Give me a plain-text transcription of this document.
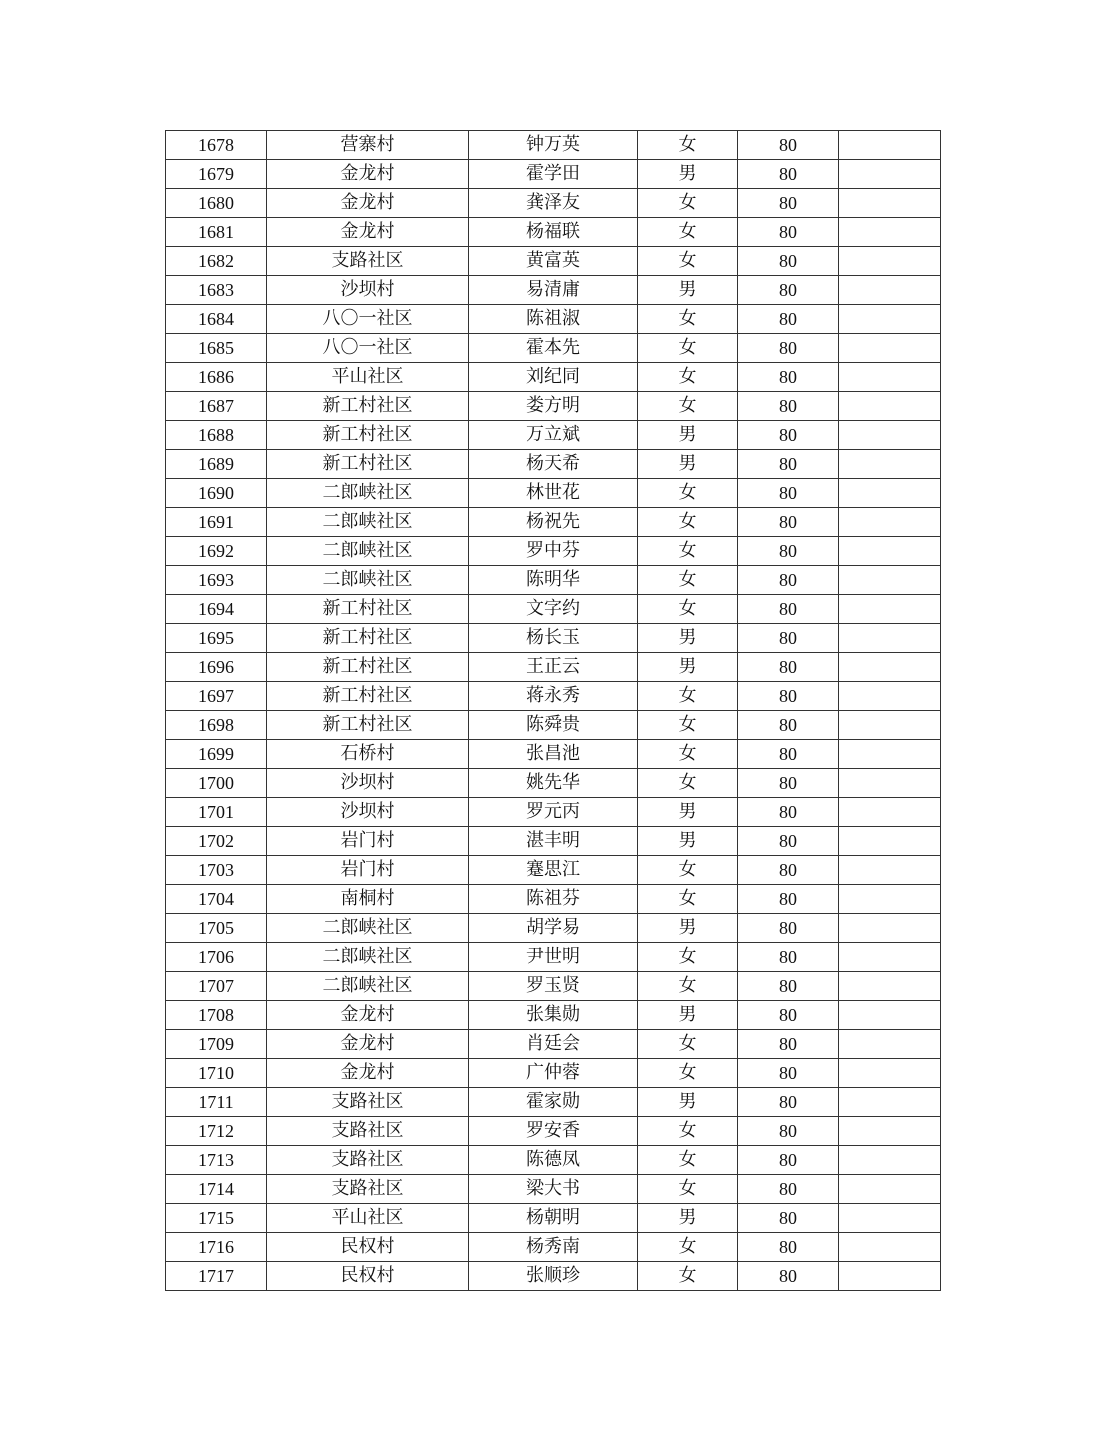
1678	营寨村	钟万英	女	80	
1679	金龙村	霍学田	男	80	
1680	金龙村	龚泽友	女	80	
1681	金龙村	杨福联	女	80	
1682	支路社区	黄富英	女	80	
1683	沙坝村	易清庸	男	80	
1684	八〇一社区	陈祖淑	女	80	
1685	八〇一社区	霍本先	女	80	
1686	平山社区	刘纪同	女	80	
1687	新工村社区	娄方明	女	80	
1688	新工村社区	万立斌	男	80	
1689	新工村社区	杨天希	男	80	
1690	二郎峡社区	林世花	女	80	
1691	二郎峡社区	杨祝先	女	80	
1692	二郎峡社区	罗中芬	女	80	
1693	二郎峡社区	陈明华	女	80	
1694	新工村社区	文字约	女	80	
1695	新工村社区	杨长玉	男	80	
1696	新工村社区	王正云	男	80	
1697	新工村社区	蒋永秀	女	80	
1698	新工村社区	陈舜贵	女	80	
1699	石桥村	张昌池	女	80	
1700	沙坝村	姚先华	女	80	
1701	沙坝村	罗元丙	男	80	
1702	岩门村	湛丰明	男	80	
1703	岩门村	蹇思江	女	80	
1704	南桐村	陈祖芬	女	80	
1705	二郎峡社区	胡学易	男	80	
1706	二郎峡社区	尹世明	女	80	
1707	二郎峡社区	罗玉贤	女	80	
1708	金龙村	张集勋	男	80	
1709	金龙村	肖廷会	女	80	
1710	金龙村	广仲蓉	女	80	
1711	支路社区	霍家勋	男	80	
1712	支路社区	罗安香	女	80	
1713	支路社区	陈德凤	女	80	
1714	支路社区	梁大书	女	80	
1715	平山社区	杨朝明	男	80	
1716	民权村	杨秀南	女	80	
1717	民权村	张顺珍	女	80	
